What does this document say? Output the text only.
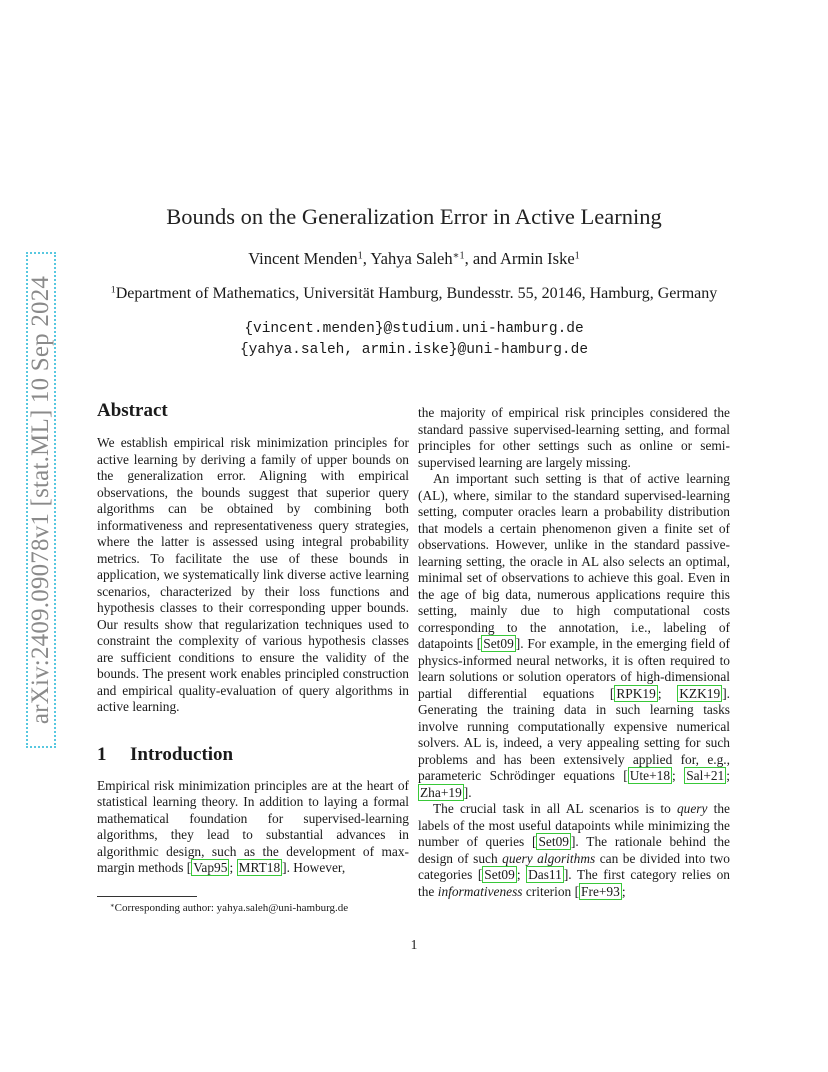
arXiv:2409.09078v1 [stat.ML] 10 Sep 2024
Bounds on the Generalization Error in Active Learning
Vincent Menden$^1$, Yahya Saleh$^{∗1}$, and Armin Iske$^1$
$^1$Department of Mathematics, Universität Hamburg, Bundesstr. 55, 20146, Hamburg, Germany
{vincent.menden}@studium.uni-hamburg.de
{yahya.saleh, armin.iske}@uni-hamburg.de
Abstract

We establish empirical risk minimization principles for active learning by deriving a family of upper bounds on the generalization error. Aligning with empirical observations, the bounds suggest that superior query algorithms can be obtained by combining both informativeness and representativeness query strategies, where the latter is assessed using integral probability metrics. To facilitate the use of these bounds in application, we systematically link diverse active learning scenarios, characterized by their loss functions and hypothesis classes to their corresponding upper bounds. Our results show that regularization techniques used to constraint the complexity of various hypothesis classes are sufficient conditions to ensure the validity of the bounds. The present work enables principled construction and empirical quality-evaluation of query algorithms in active learning.

1 Introduction

Empirical risk minimization principles are at the heart of statistical learning theory. In addition to laying a formal mathematical foundation for supervised-learning algorithms, they lead to substantial advances in algorithmic design, such as the development of max-margin methods [ Vap95 ; MRT18 ]. However,

the majority of empirical risk principles considered the standard passive supervised-learning setting, and formal principles for other settings such as online or semi-supervised learning are largely missing.

An important such setting is that of active learning (AL), where, similar to the standard supervised-learning setting, computer oracles learn a probability distribution that models a certain phenomenon given a finite set of observations. However, unlike in the standard passive-learning setting, the oracle in AL also selects an optimal, minimal set of observations to achieve this goal. Even in the age of big data, numerous applications require this setting, mainly due to high computational costs corresponding to the annotation, i.e., labeling of datapoints [ Set09 ]. For example, in the emerging field of physics-informed neural networks, it is often required to learn solutions or solution operators of high-dimensional partial differential equations [ RPK19 ; KZK19 ]. Generating the training data in such learning tasks involve running computationally expensive numerical solvers. AL is, indeed, a very appealing setting for such problems and has been extensively applied for, e.g., parameteric Schrödinger equations [ Ute+18 ; Sal+21 ; Zha+19 ].

The crucial task in all AL scenarios is to query the labels of the most useful datapoints while minimizing the number of queries [ Set09 ]. The rationale behind the design of such query algorithms can be divided into two categories [ Set09 ; Das11 ]. The first category relies on the informativeness criterion [ Fre+93 ;

∗Corresponding author: yahya.saleh@uni-hamburg.de
1
